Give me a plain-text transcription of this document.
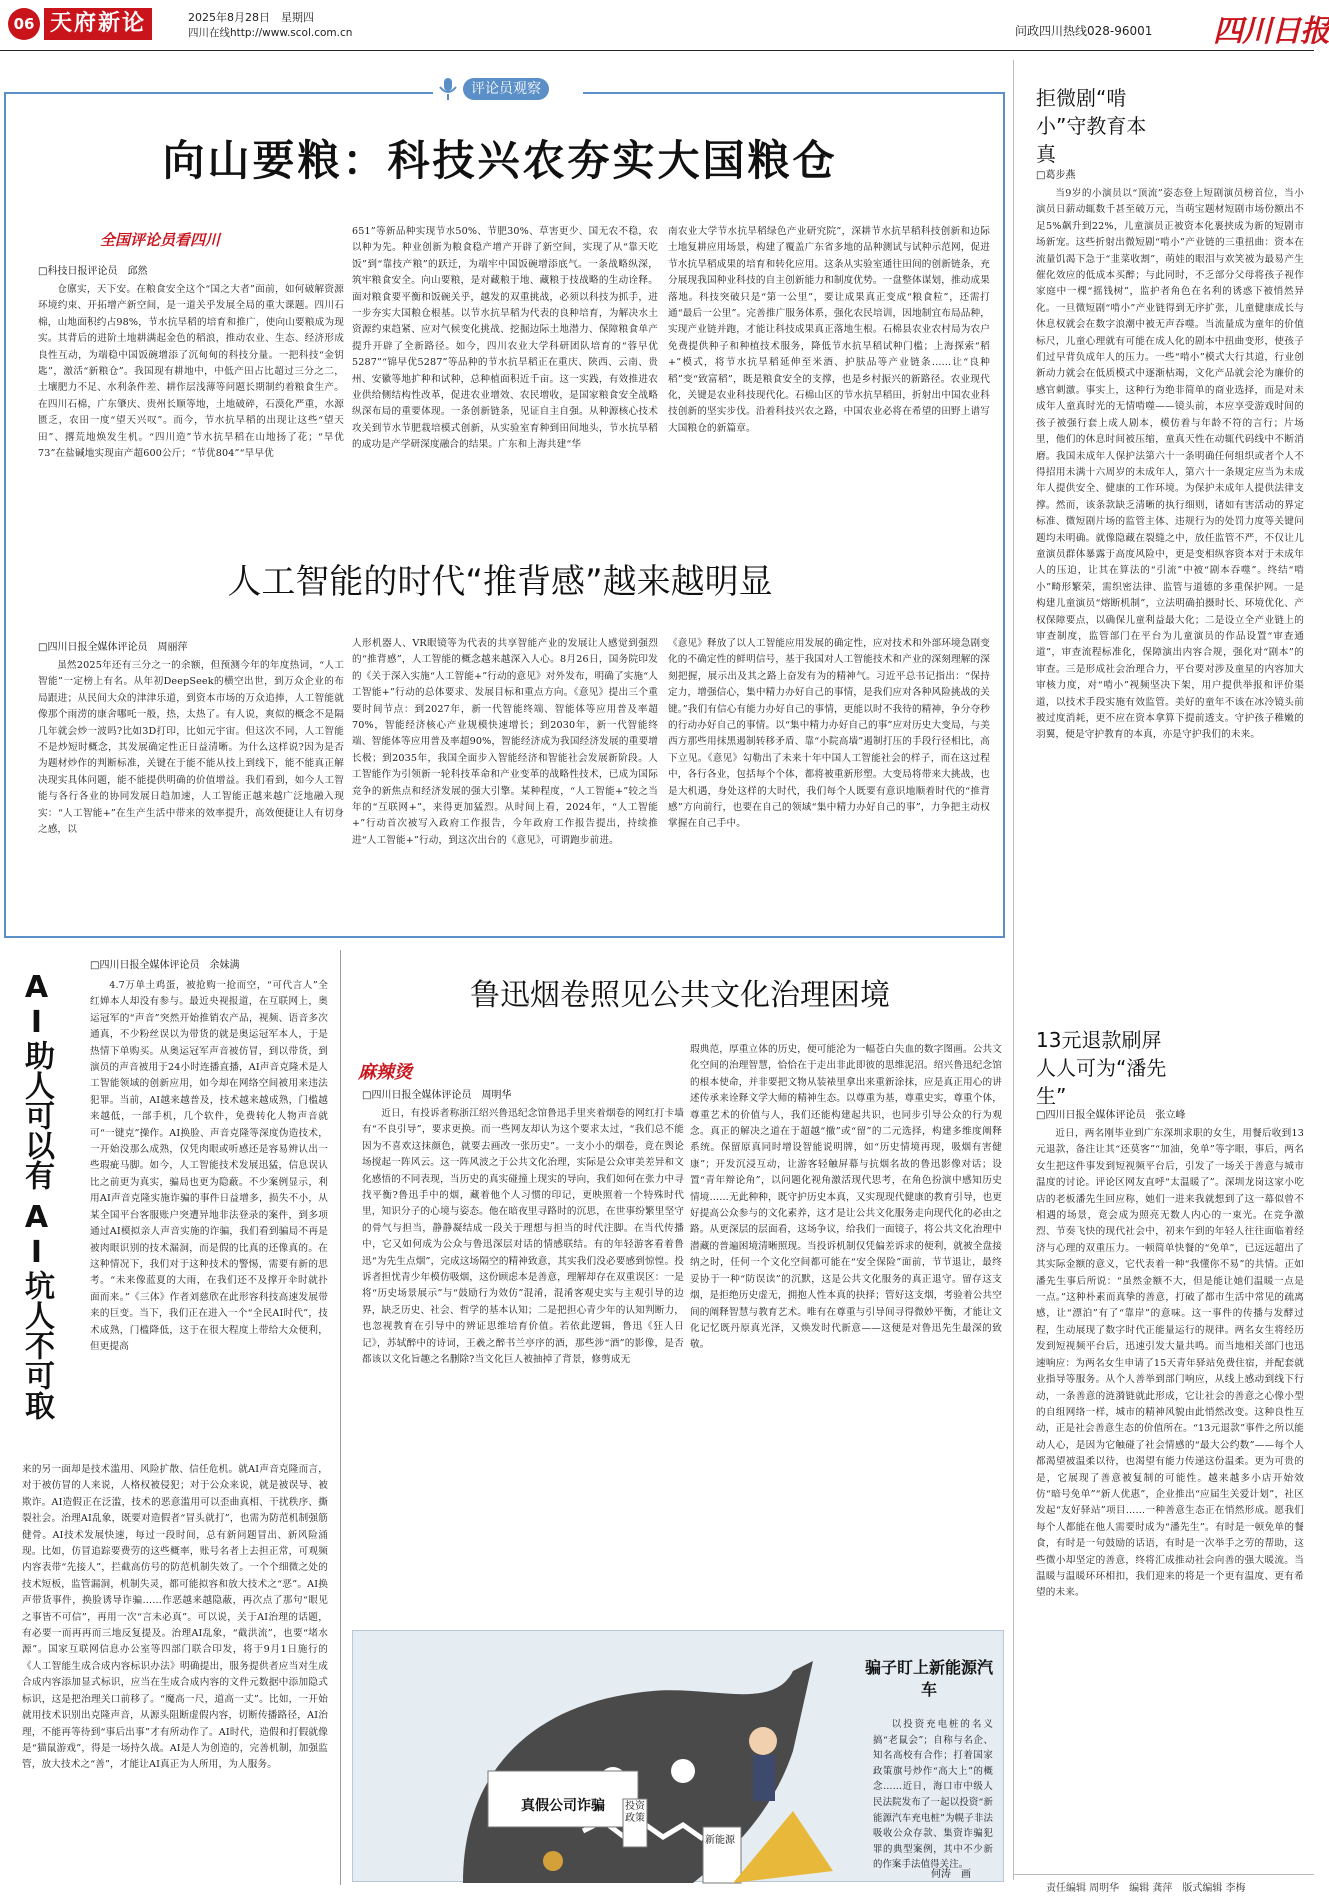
06 天府新论	2025年8月28日　星期四
四川在线http://www.scol.com.cn	问政四川热线028-96001 四川日报
评论员观察
向山要粮：科技兴农夯实大国粮仓
全国评论员看四川
□科技日报评论员　邱然
仓廪实，天下安。在粮食安全这个“国之大者”面前，如何破解资源环境约束、开拓增产新空间，是一道关乎发展全局的重大课题。四川石棉，山地面积约占98%，节水抗旱稻的培育和推广，使向山要粮成为现实。其背后的进阶土地耕满起金色的稻浪，推动农业、生态、经济形成良性互动，为端稳中国饭碗增添了沉甸甸的科技分量。一把科技“金钥匙”，激活“新粮仓”。我国现有耕地中，中低产田占比超过三分之二，土壤肥力不足、水利条件差、耕作层浅薄等问题长期制约着粮食生产。在四川石棉，广东肇庆、贵州长顺等地，土地破碎，石漠化严重，水源匮乏，农田一度“望天兴叹”。而今，节水抗旱稻的出现让这些“望天田”、撂荒地焕发生机。“四川造”节水抗旱稻在山地扬了花；“旱优73”在盐碱地实现亩产超600公斤；“节优804”“旱早优
651”等新品种实现节水50%、节肥30%、草害更少、国无农不稳，农以种为先。种业创新为粮食稳产增产开辟了新空间，实现了从“靠天吃饭”到“靠技产粮”的跃迁，为端牢中国饭碗增添底气。一条战略纵深，筑牢粮食安全。向山要粮，是对藏粮于地、藏粮于技战略的生动诠释。面对粮食要平衡和饭碗关乎，越发的双重挑战，必须以科技为抓手，进一步夯实大国粮仓根基。以节水抗旱稻为代表的良种培育，为解决水土资源约束趋紧、应对气候变化挑战、挖掘边际土地潜力、保障粮食单产提升开辟了全新路径。如今，四川农业大学科研团队培育的“蓉早优5287”“锦早优5287”等品种的节水抗旱稻正在重庆、陕西、云南、贵州、安徽等地扩种和试种，总种植面积近千亩。这一实践，有效推进农业供给侧结构性改革，促进农业增效、农民增收，是国家粮食安全战略纵深布局的重要体现。一条创新链条，见证自主自强。从种源核心技术攻关到节水节肥栽培模式创新，从实验室育种到田间地头，节水抗旱稻的成功是产学研深度融合的结果。广东和上海共建“华
南农业大学节水抗旱稻绿色产业研究院”，深耕节水抗旱稻科技创新和边际土地复耕应用场景，构建了覆盖广东省多地的品种测试与试种示范网，促进节水抗旱稻成果的培育和转化应用。这条从实验室通往田间的创新链条，充分展现我国种业科技的自主创新能力和制度优势。一盘整体谋划，推动成果落地。科技突破只是“第一公里”，要让成果真正变成“粮食粒”，还需打通“最后一公里”。完善推广服务体系，强化农民培训，因地制宜布局品种，实现产业链并跑，才能让科技成果真正落地生根。石棉县农业农村局为农户免费提供种子和种植技术服务，降低节水抗旱稻试种门槛；上海探索“稻+”模式，将节水抗旱稻延伸至米酒、护肤品等产业链条……让“良种稻”变“致富稻”，既是粮食安全的支撑，也是乡村振兴的新路径。农业现代化，关键是农业科技现代化。石棉山区的节水抗旱稻田，折射出中国农业科技创新的坚实步伐。沿着科技兴农之路，中国农业必将在希望的田野上谱写大国粮仓的新篇章。
人工智能的时代“推背感”越来越明显
□四川日报全媒体评论员　周丽萍
虽然2025年还有三分之一的余额，但预测今年的年度热词，“人工智能”一定榜上有名。从年初DeepSeek的横空出世，到万众企业的布局跟进；从民间大众的津津乐道，到资本市场的万众追捧，人工智能就像那个雨涝的康舍哪吒一般，热，太热了。有人说，爽似的概念不是隔几年就会炒一波吗?比如3D打印，比如元宇宙。但这次不同，人工智能不是炒短时概念，其发展确定性正日益清晰。为什么这样说?因为是否为题材炒作的判断标准，关键在于能不能从技上到线下，能不能真正解决现实具体问题，能不能提供明确的价值增益。我们看到，如今人工智能与各行各业的协同发展日趋加速，人工智能正越来越广泛地融入现实：“人工智能+”在生产生活中带来的效率提升，高效便捷让人有切身之感，以
人形机器人、VR眼镜等为代表的共享智能产业的发展让人感觉到强烈的“推背感”，人工智能的概念越来越深入人心。8月26日，国务院印发的《关于深入实施“人工智能+”行动的意见》对外发布，明确了实施“人工智能+”行动的总体要求、发展目标和重点方向。《意见》提出三个重要时间节点：到2027年，新一代智能终端、智能体等应用普及率超70%，智能经济核心产业规模快速增长；到2030年，新一代智能终端、智能体等应用普及率超90%，智能经济成为我国经济发展的重要增长极；到2035年，我国全面步入智能经济和智能社会发展新阶段。人工智能作为引领新一轮科技革命和产业变革的战略性技术，已成为国际竞争的新焦点和经济发展的强大引擎。某种程度，“人工智能+”较之当年的“互联网+”，来得更加猛烈。从时间上看，2024年，“人工智能+”行动首次被写入政府工作报告，今年政府工作报告提出，持续推进“人工智能+”行动，到这次出台的《意见》，可谓跑步前进。
《意见》释放了以人工智能应用发展的确定性，应对技术和外部环境急剧变化的不确定性的鲜明信号，基于我国对人工智能技术和产业的深刻理解的深刻把握，展示出及其之路上奋发有为的精神气。习近平总书记指出：“保持定力，增强信心，集中精力办好自己的事情，是我们应对各种风险挑战的关键。”我们有信心有能力办好自己的事情，更能以时不我待的精神，争分夺秒的行动办好自己的事情。以“集中精力办好自己的事”应对历史大变局，与美西方那些用抹黑遏制转移矛盾、靠“小院高墙”遏制打压的手段行径相比，高下立见。《意见》勾勒出了未来十年中国人工智能社会的样子，而在这过程中，各行各业，包括每个个体，都将被重新形塑。大变局将带来大挑战，也是大机遇，身处这样的大时代，我们每个人既要有意识地顺着时代的“推背感”方向前行，也要在自己的领域“集中精力办好自己的事”，力争把主动权掌握在自己手中。
AI助人可以有
AI坑人不可取
□四川日报全媒体评论员　余妹满
4.7万单土鸡蛋，被抢购一抢而空，“可代言人”全红婵本人却没有参与。最近央视报道，在互联网上，奥运冠军的“声音”突然开始推销农产品，视频、语音多次通真，不少粉丝误以为带货的就是奥运冠军本人，于是热情下单购买。从奥运冠军声音被仿冒，到以带货，到演员的声音被用于24小时连播直播，AI声音克隆术是人工智能领域的创新应用，如今却在网络空间被用来违法犯罪。当前，AI越来越普及，技术越来越成熟，门槛越来越低，一部手机，几个软件，免费转化人物声音就可“一键克”操作。AI换脸、声音克隆等深度伪造技术，一开始没那么成熟，仅凭肉眼或听感还是容易辨认出一些瑕疵马脚。如今，人工智能技术发展迅猛，信息误认比之前更为真实，骗局也更为隐蔽。不少案例显示，利用AI声音克隆实施诈骗的事件日益增多，损失不小，从某全国平台客服账户突遭异地非法登录的案件，到多项通过AI模拟亲人声音实施的诈骗，我们看到骗局不再是被肉眼识别的技术漏洞，而是假的比真的还像真的。在这种情况下，我们对于这种技术的警惕，需要有新的思考。“未来像蓝夏的大雨，在我们还不及撑开伞时就扑面而来。”《三体》作者刘慈欣在此形容科技高速发展带来的巨变。当下，我们正在进入一个“全民AI时代”，技术成熟，门槛降低，这于在很大程度上带给大众便利，但更提高
来的另一面却是技术滥用、风险扩散、信任危机。就AI声音克隆而言，对于被仿冒的人来说，人格权被侵犯；对于公众来说，就是被误导、被欺诈。AI造假正在泛滥，技术的恶意滥用可以歪曲真相、干扰秩序、撕裂社会。治理AI乱象，既要对造假者“冒头就打”，也需为防范机制强筋健骨。AI技术发展快速，每过一段时间，总有新问题冒出、新风险涌现。比如，仿冒追踪要费劳的这些概率，账号名者上去担正常，可观频内容表带“先接人”，拦截高仿号的防范机制失效了。一个个细微之处的技术短板，监管漏洞，机制失灵，都可能拟容和放大技术之“恶”。AI换声带货事件，换脸诱导诈骗……作恶越来越隐蔽，再次点了那句“眼见之事皆不可信”，再用一次“言未必真”。可以说，关于AI治理的话题，有必要一而再再而三地反复提及。治理AI乱象，“截洪流”，也要“堵水源”。国家互联网信息办公室等四部门联合印发，将于9月1日施行的《人工智能生成合成内容标识办法》明确提出，服务提供者应当对生成合成内容添加显式标识，应当在生成合成内容的文件元数据中添加隐式标识，这是把治理关口前移了。“魔高一尺，道高一丈”。比如，一开始就用技术识别出克隆声音，从源头阻断虚假内容，切断传播路径，AI治理，不能再等待到“事后出事”才有所动作了。AI时代，造假和打假就像是“猫鼠游戏”，得是一场持久战。AI是人为创造的，完善机制，加强监管，放大技术之“善”，才能让AI真正为人所用，为人服务。
鲁迅烟卷照见公共文化治理困境
麻辣烫
□四川日报全媒体评论员　周明华
近日，有投诉者称浙江绍兴鲁迅纪念馆鲁迅手里夹着烟卷的网红打卡墙有“不良引导”，要求更换。而一些网友却认为这个要求太过，“我们总不能因为不喜欢这抹颜色，就要去画改一张历史”。一支小小的烟卷，竟在舆论场搅起一阵风云。这一阵风波之于公共文化治理，实际是公众审美差异和文化感悟的不同表现，当历史的真实碰撞上现实的导向，我们如何在张力中寻找平衡?鲁迅手中的烟，藏着他个人习惯的印记，更映照着一个特殊时代里，知识分子的心境与姿态。他在暗夜里寻路时的沉思，在世事纷繁里坚守的骨气与担当，静静凝结成一段关于理想与担当的时代注脚。在当代传播中，它又如何成为公众与鲁迅深层对话的情感联结。有的年轻游客看着鲁迅“为先生点烟”，完成这场隔空的精神致意，其实我们没必要感到惊惶。投诉者担忧青少年模仿吸烟，这份顾虑本是善意，理解却存在双重误区：一是将“历史场景展示”与“鼓励行为效仿”混淆，混淆客观史实与主观引导的边界，缺乏历史、社会、哲学的基本认知；二是把担心青少年的认知判断力，也忽视教育在引导中的辨证思维培育价值。若依此逻辑，鲁迅《狂人日记》，苏轼醉中的诗词，王羲之醉书兰亭序的酒，那些涉“酒”的影像，是否都该以文化旨趣之名删除?当文化巨人被抽掉了背景，修剪成无
瑕典范，厚重立体的历史，便可能沦为一幅苍白失血的数字图画。公共文化空间的治理智慧，恰恰在于走出非此即彼的思维泥沼。绍兴鲁迅纪念馆的根本使命，并非要把文物从装裱里拿出来重新涂抹，应是真正用心的讲述传承来诠释文学大师的精神生态。以尊重为基，尊重史实，尊重个体，尊重艺术的价值与人，我们还能构建起共识，也同步引导公众的行为观念。真正的解决之道在于超越“撤”或“留”的二元选择，构建多维度阐释系统。保留原真同时增设智能说明牌，如“历史情境再现，吸烟有害健康”；开发沉浸互动，让游客轻触屏幕与抗烟名故的鲁迅影像对话；设置“青年辩论角”，以问题化视角激活现代思考，在角色扮演中感知历史情境……无此种种，既守护历史本真，又实现现代健康的教育引导，也更好提高公众参与的文化素养，这才是让公共文化服务走向现代化的必由之路。从更深层的层面看，这场争议，给我们一面镜子，将公共文化治理中潜藏的普遍困境清晰照现。当投诉机制仅凭偏差诉求的便利，就被全盘接纳之时，任何一个文化空间都可能在“安全保险”面前，节节退让，最终妥协于一种“防误读”的沉默，这是公共文化服务的真正退守。留存这支烟，是拒绝历史虚无，拥抱人性本真的抉择；管好这支烟，考验着公共空间的阐释智慧与教育艺术。唯有在尊重与引导间寻得微妙平衡，才能让文化记忆既丹原真光泽，又焕发时代新意——这便是对鲁迅先生最深的致敬。
真假公司诈骗	投资政策
新能源
骗子盯上新能源汽车
以投资充电桩的名义搞“老鼠会”；自称与名企、知名高校有合作；打着国家政策旗号炒作“高大上”的概念……近日，海口市中级人民法院发布了一起以投资“新能源汽车充电桩”为幌子非法吸收公众存款、集资诈骗犯罪的典型案例，其中不少新的作案手法值得关注。
何涛　画
拒微剧“啃小”守教育本真
□葛步燕
当9岁的小演员以“顶流”姿态登上短剧演员榜首位，当小演员日薪动辄数千甚至破万元，当萌宝题材短剧市场份额出不足5%飙升到22%，儿童演员正被资本化裹挟成为新的短剧市场新宠。这些折射出微短剧“啃小”产业链的三重扭曲：资本在流量饥渴下急于“韭菜收割”，萌娃的眼泪与欢笑被为最易产生催化效应的低成本买醉；与此同时，不乏部分父母将孩子视作家庭中一棵“摇钱树”，监护者角色在名利的诱惑下被悄然异化。一旦微短剧“啃小”产业链得到无序扩张，儿童健康成长与休息权就会在数字浪潮中被无声吞噬。当流量成为童年的价值标尺，儿童心理就有可能在成人化的剧本中扭曲变形，使孩子们过早背负成年人的压力。一些“啃小”模式大行其道，行业创新动力就会在低质模式中逐渐枯竭，文化产品就会沦为廉价的感官刺激。事实上，这种行为绝非简单的商业选择，而是对未成年人童真时光的无情啃噬——镜头前，本应享受游戏时间的孩子被强行套上成人剧本，模仿着与年龄不符的言行；片场里，他们的休息时间被压缩，童真天性在动辄代码线中不断消磨。我国未成年人保护法第六十一条明确任何组织或者个人不得招用未满十六周岁的未成年人，第六十一条规定应当为未成年人提供安全、健康的工作环境。为保护未成年人提供法律支撑。然而，该条款缺乏清晰的执行细则，诸如有害活动的界定标准、微短剧片场的监管主体、违规行为的处罚力度等关键问题均未明确。就像隐藏在裂缝之中，放任监管不严，不仅让儿童演员群体暴露于高度风险中，更是变相纵容资本对于未成年人的压迫，让其在算法的“引流”中被“剧本吞噬”。终结“啃小”畸形繁荣，需织密法律、监管与道德的多重保护网。一是构建儿童演员“熔断机制”，立法明确拍摄时长、环境优化、产权保障要点，以确保儿童利益最大化；二是设立全产业链上的审查制度，监管部门在平台为儿童演员的作品设置“审查通道”，审查流程标准化，保障演出内容合规，强化对“剧本”的审查。三是形成社会治理合力，平台要对涉及童星的内容加大审核力度，对“啃小”视频坚决下架，用户提供举报和评价渠道，以技术手段实施有效监管。美好的童年不该在冰冷镜头前被过度消耗，更不应在资本拿算下提前透支。守护孩子稚嫩的羽翼，便是守护教育的本真，亦是守护我们的未来。
13元退款刷屏人人可为“潘先生”
□四川日报全媒体评论员　张立峰
近日，两名刚毕业到广东深圳求职的女生，用餐后收到13元退款，备注让其“还莫客”“加油，免单”等字眼，事后，两名女生把这件事发到短视频平台后，引发了一场关于善意与城市温度的讨论。评论区网友直呼“太温暖了”。深圳龙岗这家小吃店的老板潘先生回应称，她们一进来我就想到了这一幕似曾不相遇的场景，竟会成为照亮无数人内心的一束光。在竞争激烈、节奏飞快的现代社会中，初来乍到的年轻人往往面临着经济与心理的双重压力。一顿简单快餐的“免单”，已远远超出了其实际金额的意义，它代表着一种“我懂你不易”的共情。正如潘先生事后所说：“虽然金额不大，但是能让她们温暖一点是一点。”这种朴素而真挚的善意，打破了都市生活中常见的疏离感，让“漂泊”有了“靠岸”的意味。这一事件的传播与发酵过程，生动展现了数字时代正能量运行的规律。两名女生将经历发到短视频平台后，迅速引发大量共鸣。而当地相关部门也迅速响应：为两名女生申请了15天青年驿站免费住宿，并配套就业指导等服务。从个人善举到部门响应，从线上感动到线下行动，一条善意的涟漪链就此形成，它让社会的善意之心像小型的自组网络一样，城市的精神风貌由此悄然改变。这种良性互动，正是社会善意生态的价值所在。“13元退款”事件之所以能动人心，是因为它触碰了社会情感的“最大公约数”——每个人都渴望被温柔以待，也渴望有能力传递这份温柔。更为可贵的是，它展现了善意被复制的可能性。越来越多小店开始效仿“暗号免单”“新人优惠”，企业推出“应届生关爱计划”，社区发起“友好驿站”项目……一种善意生态正在悄然形成。愿我们每个人都能在他人需要时成为“潘先生”。有时是一顿免单的餐食，有时是一句鼓励的话语，有时是一次举手之劳的帮助，这些微小却坚定的善意，终将汇成推动社会向善的强大暖流。当温暖与温暖环环相扣，我们迎来的将是一个更有温度、更有希望的未来。
责任编辑 周明华　编辑 龚萍　版式编辑 李梅
